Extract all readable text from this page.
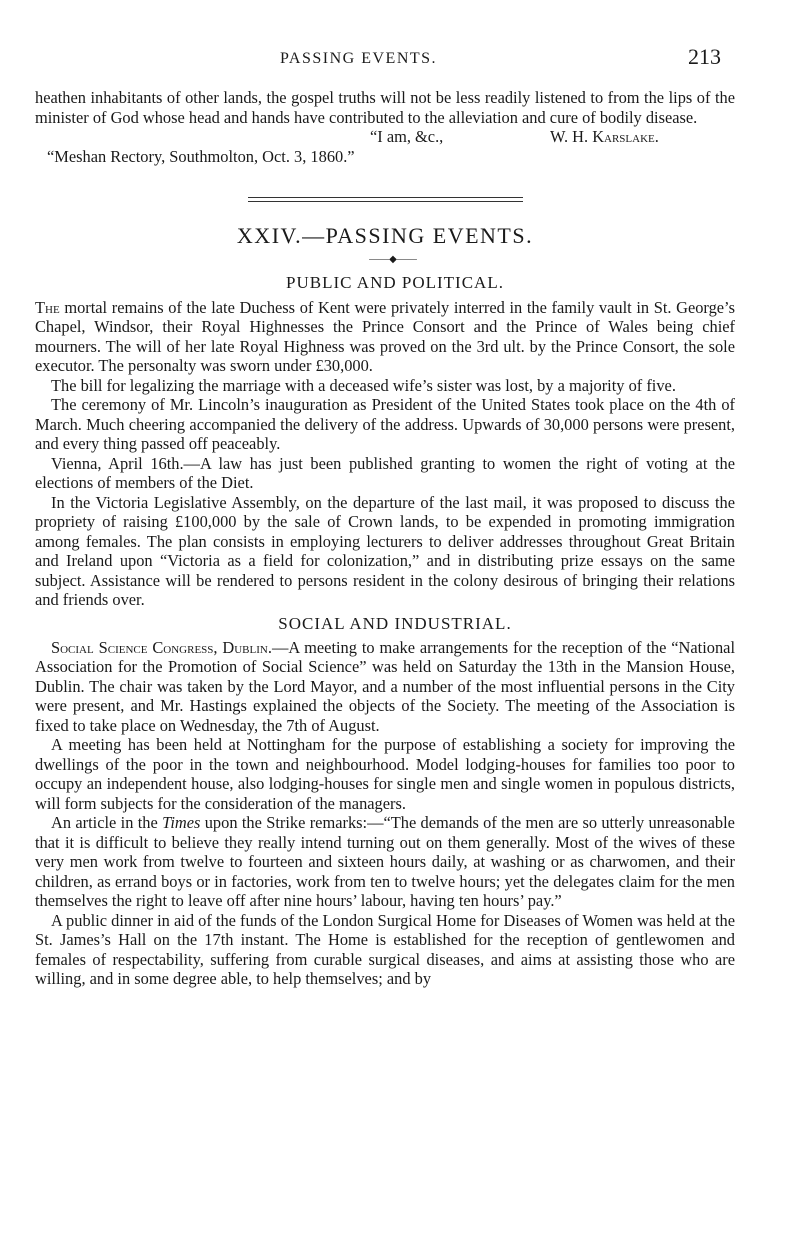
PASSING EVENTS.	213

heathen inhabitants of other lands, the gospel truths will not be less readily listened to from the lips of the minister of God whose head and hands have contributed to the alleviation and cure of bodily disease.

“I am, &c.,	W. H. Karslake.

“Meshan Rectory, Southmolton, Oct. 3, 1860.”

XXIV.—PASSING EVENTS.
——◆——
PUBLIC AND POLITICAL.

The mortal remains of the late Duchess of Kent were privately interred in the family vault in St. George’s Chapel, Windsor, their Royal Highnesses the Prince Consort and the Prince of Wales being chief mourners. The will of her late Royal Highness was proved on the 3rd ult. by the Prince Consort, the sole executor. The personalty was sworn under £30,000.

The bill for legalizing the marriage with a deceased wife’s sister was lost, by a majority of five.

The ceremony of Mr. Lincoln’s inauguration as President of the United States took place on the 4th of March. Much cheering accompanied the delivery of the address. Upwards of 30,000 persons were present, and every thing passed off peaceably.

Vienna, April 16th.—A law has just been published granting to women the right of voting at the elections of members of the Diet.

In the Victoria Legislative Assembly, on the departure of the last mail, it was proposed to discuss the propriety of raising £100,000 by the sale of Crown lands, to be expended in promoting immigration among females. The plan consists in employing lecturers to deliver addresses throughout Great Britain and Ireland upon “Victoria as a field for colonization,” and in distributing prize essays on the same subject. Assistance will be rendered to persons resident in the colony desirous of bringing their relations and friends over.

SOCIAL AND INDUSTRIAL.

Social Science Congress, Dublin.—A meeting to make arrangements for the reception of the “National Association for the Promotion of Social Science” was held on Saturday the 13th in the Mansion House, Dublin. The chair was taken by the Lord Mayor, and a number of the most influential persons in the City were present, and Mr. Hastings explained the objects of the Society. The meeting of the Association is fixed to take place on Wednesday, the 7th of August.

A meeting has been held at Nottingham for the purpose of establishing a society for improving the dwellings of the poor in the town and neighbourhood. Model lodging-houses for families too poor to occupy an independent house, also lodging-houses for single men and single women in populous districts, will form subjects for the consideration of the managers.

An article in the Times upon the Strike remarks:—“The demands of the men are so utterly unreasonable that it is difficult to believe they really intend turning out on them generally. Most of the wives of these very men work from twelve to fourteen and sixteen hours daily, at washing or as charwomen, and their children, as errand boys or in factories, work from ten to twelve hours; yet the delegates claim for the men themselves the right to leave off after nine hours’ labour, having ten hours’ pay.”

A public dinner in aid of the funds of the London Surgical Home for Diseases of Women was held at the St. James’s Hall on the 17th instant. The Home is established for the reception of gentlewomen and females of respectability, suffering from curable surgical diseases, and aims at assisting those who are willing, and in some degree able, to help themselves; and by
